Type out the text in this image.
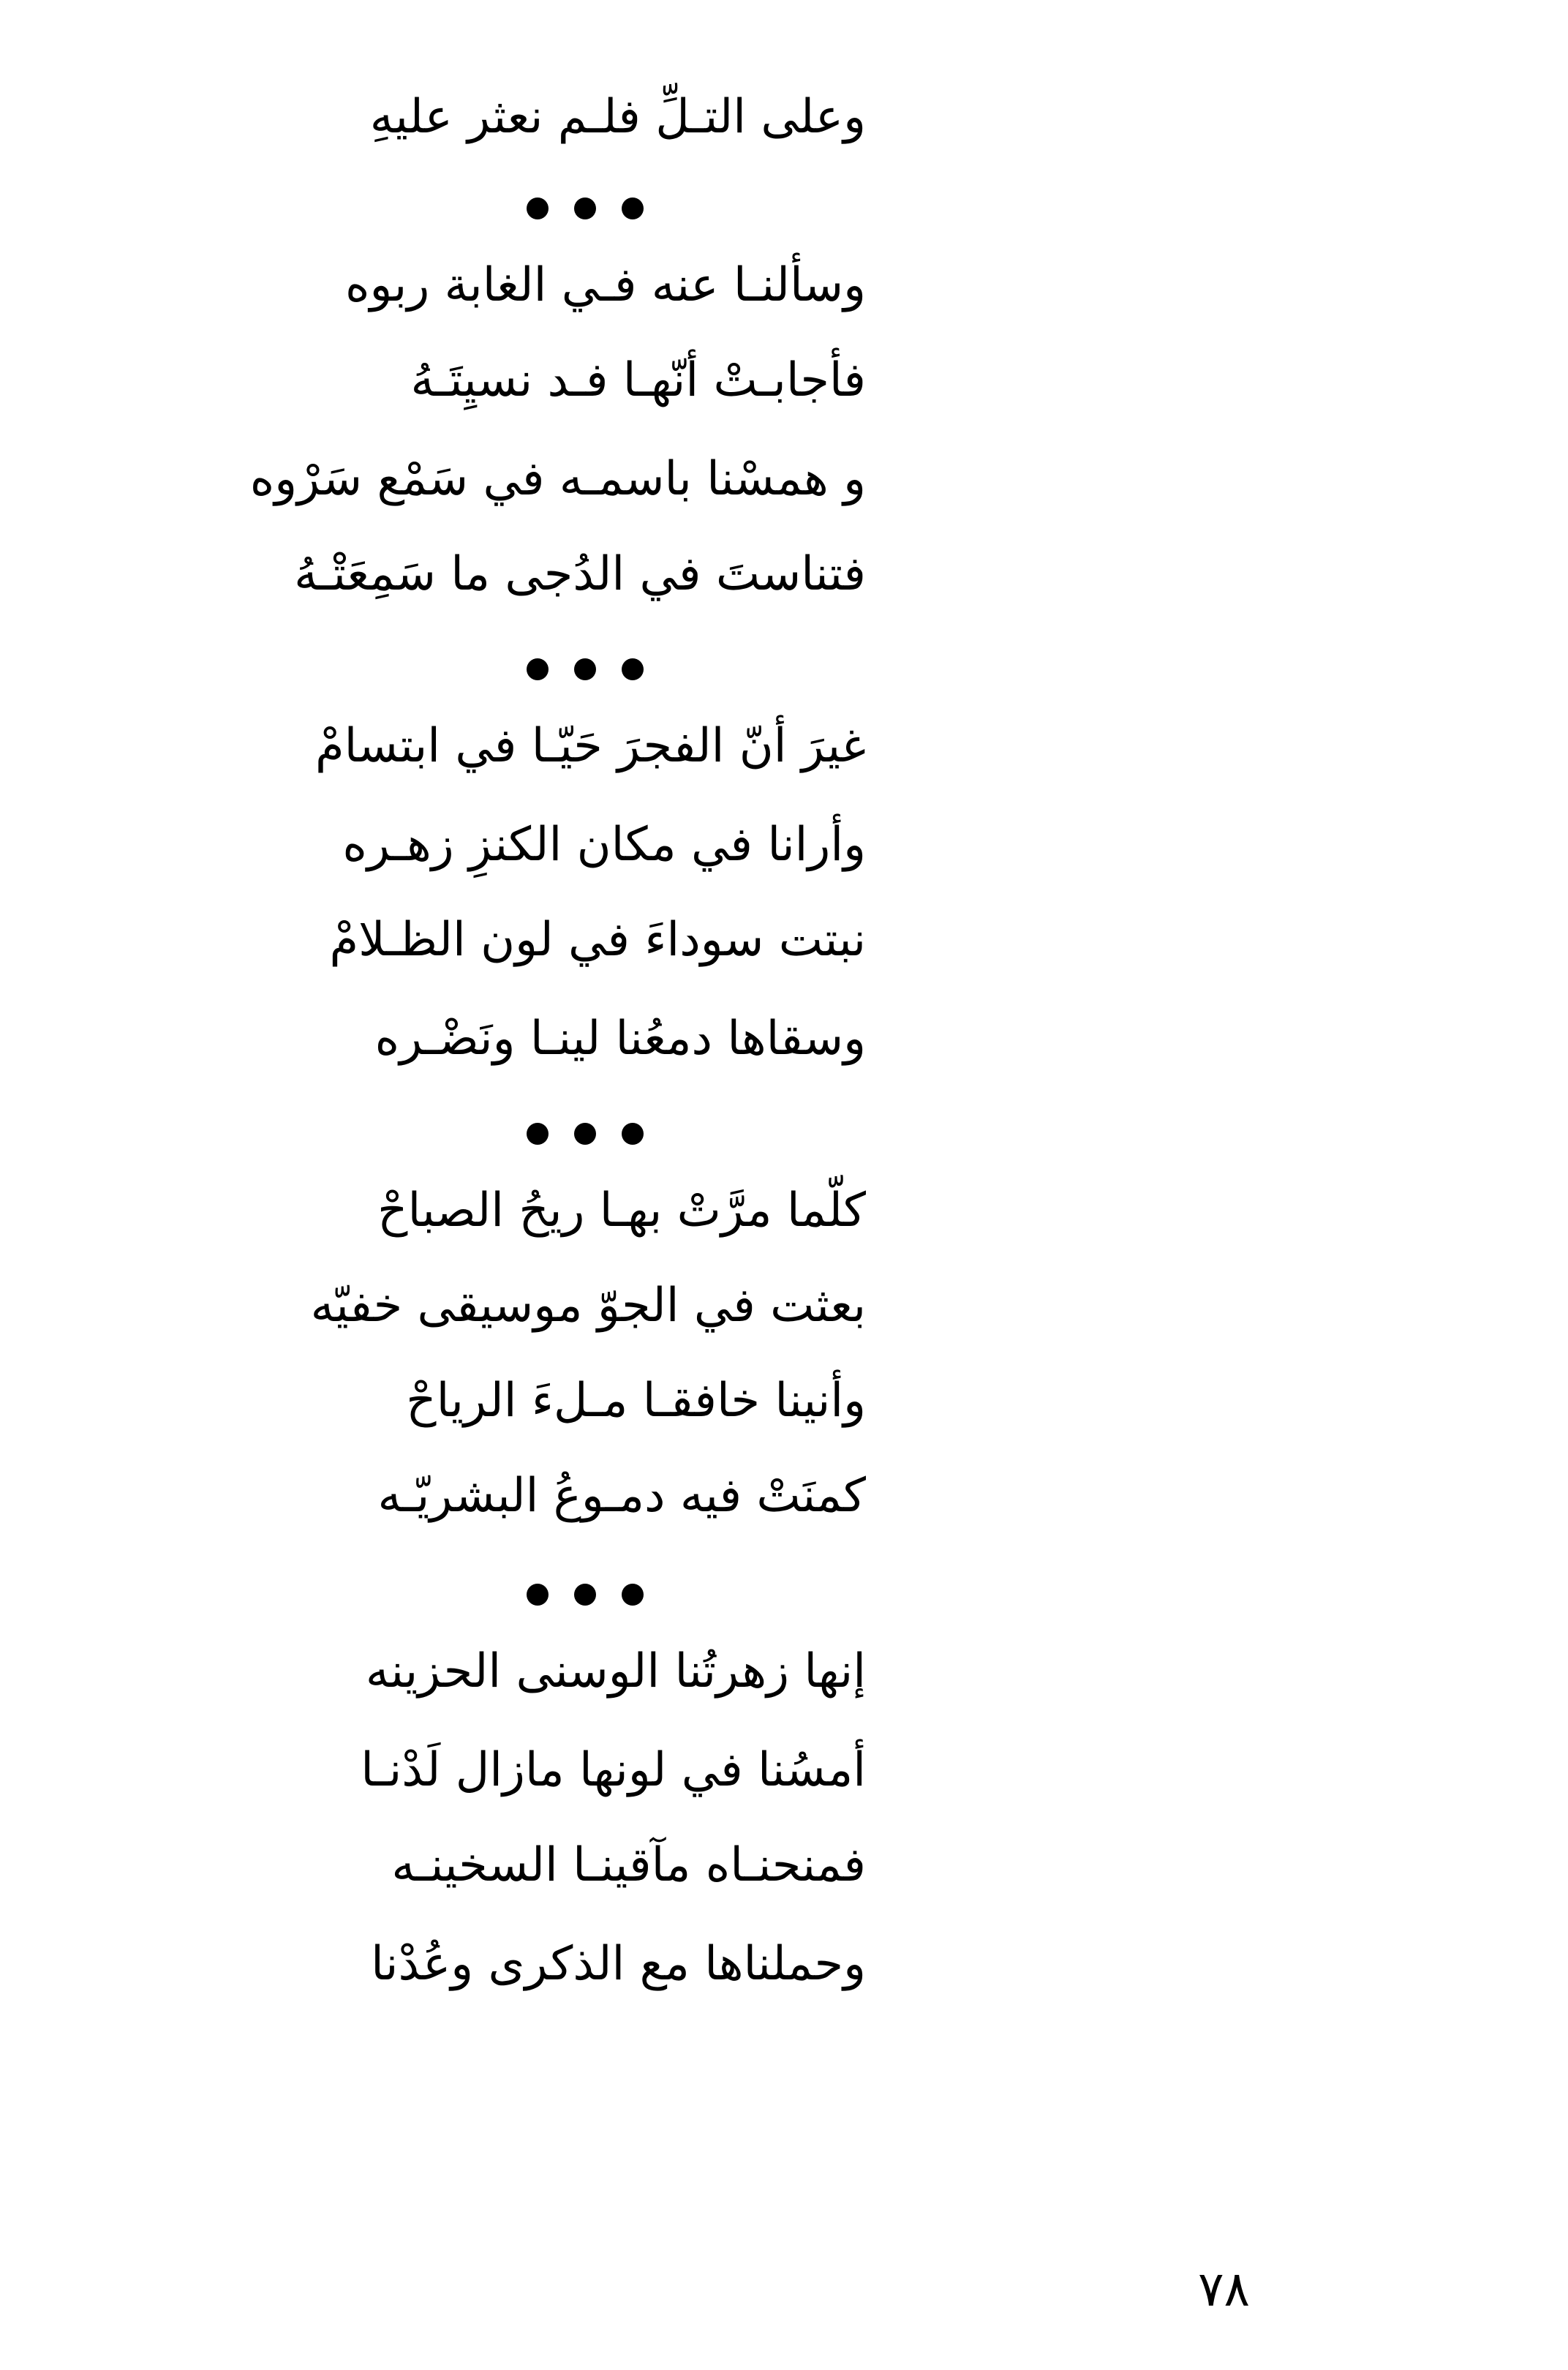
وعلى التـلِّ فلـم نعثر عليهِ
وسألنـا عنه فـي الغابة ربوه
فأجابـتْ أنّهـا فـد نسيِتَـهُ
و همسْنا باسمـه في سَمْع سَرْوه
فتناستَ في الدُجى ما سَمِعَتْـهُ
غيرَ أنّ الفجرَ حَيّـا في ابتسامْ
وأرانا في مكان الكنزِ زهـره
نبتت سوداءَ في لون الظـلامْ
وسقاها دمعُنا لينـا ونَضْـره
كلّما مرَّتْ بهـا ريحُ الصباحْ
بعثت في الجوّ موسيقى خفيّه
وأنينا خافقـا مـلءَ الرياحْ
كمنَتْ فيه دمـوعُ البشريّـه
إنها زهرتُنا الوسنى الحزينه
أمسُنا في لونها مازال لَدْنـا
فمنحنـاه مآقينـا السخينـه
وحملناها مع الذكرى وعُدْنا
٧٨
